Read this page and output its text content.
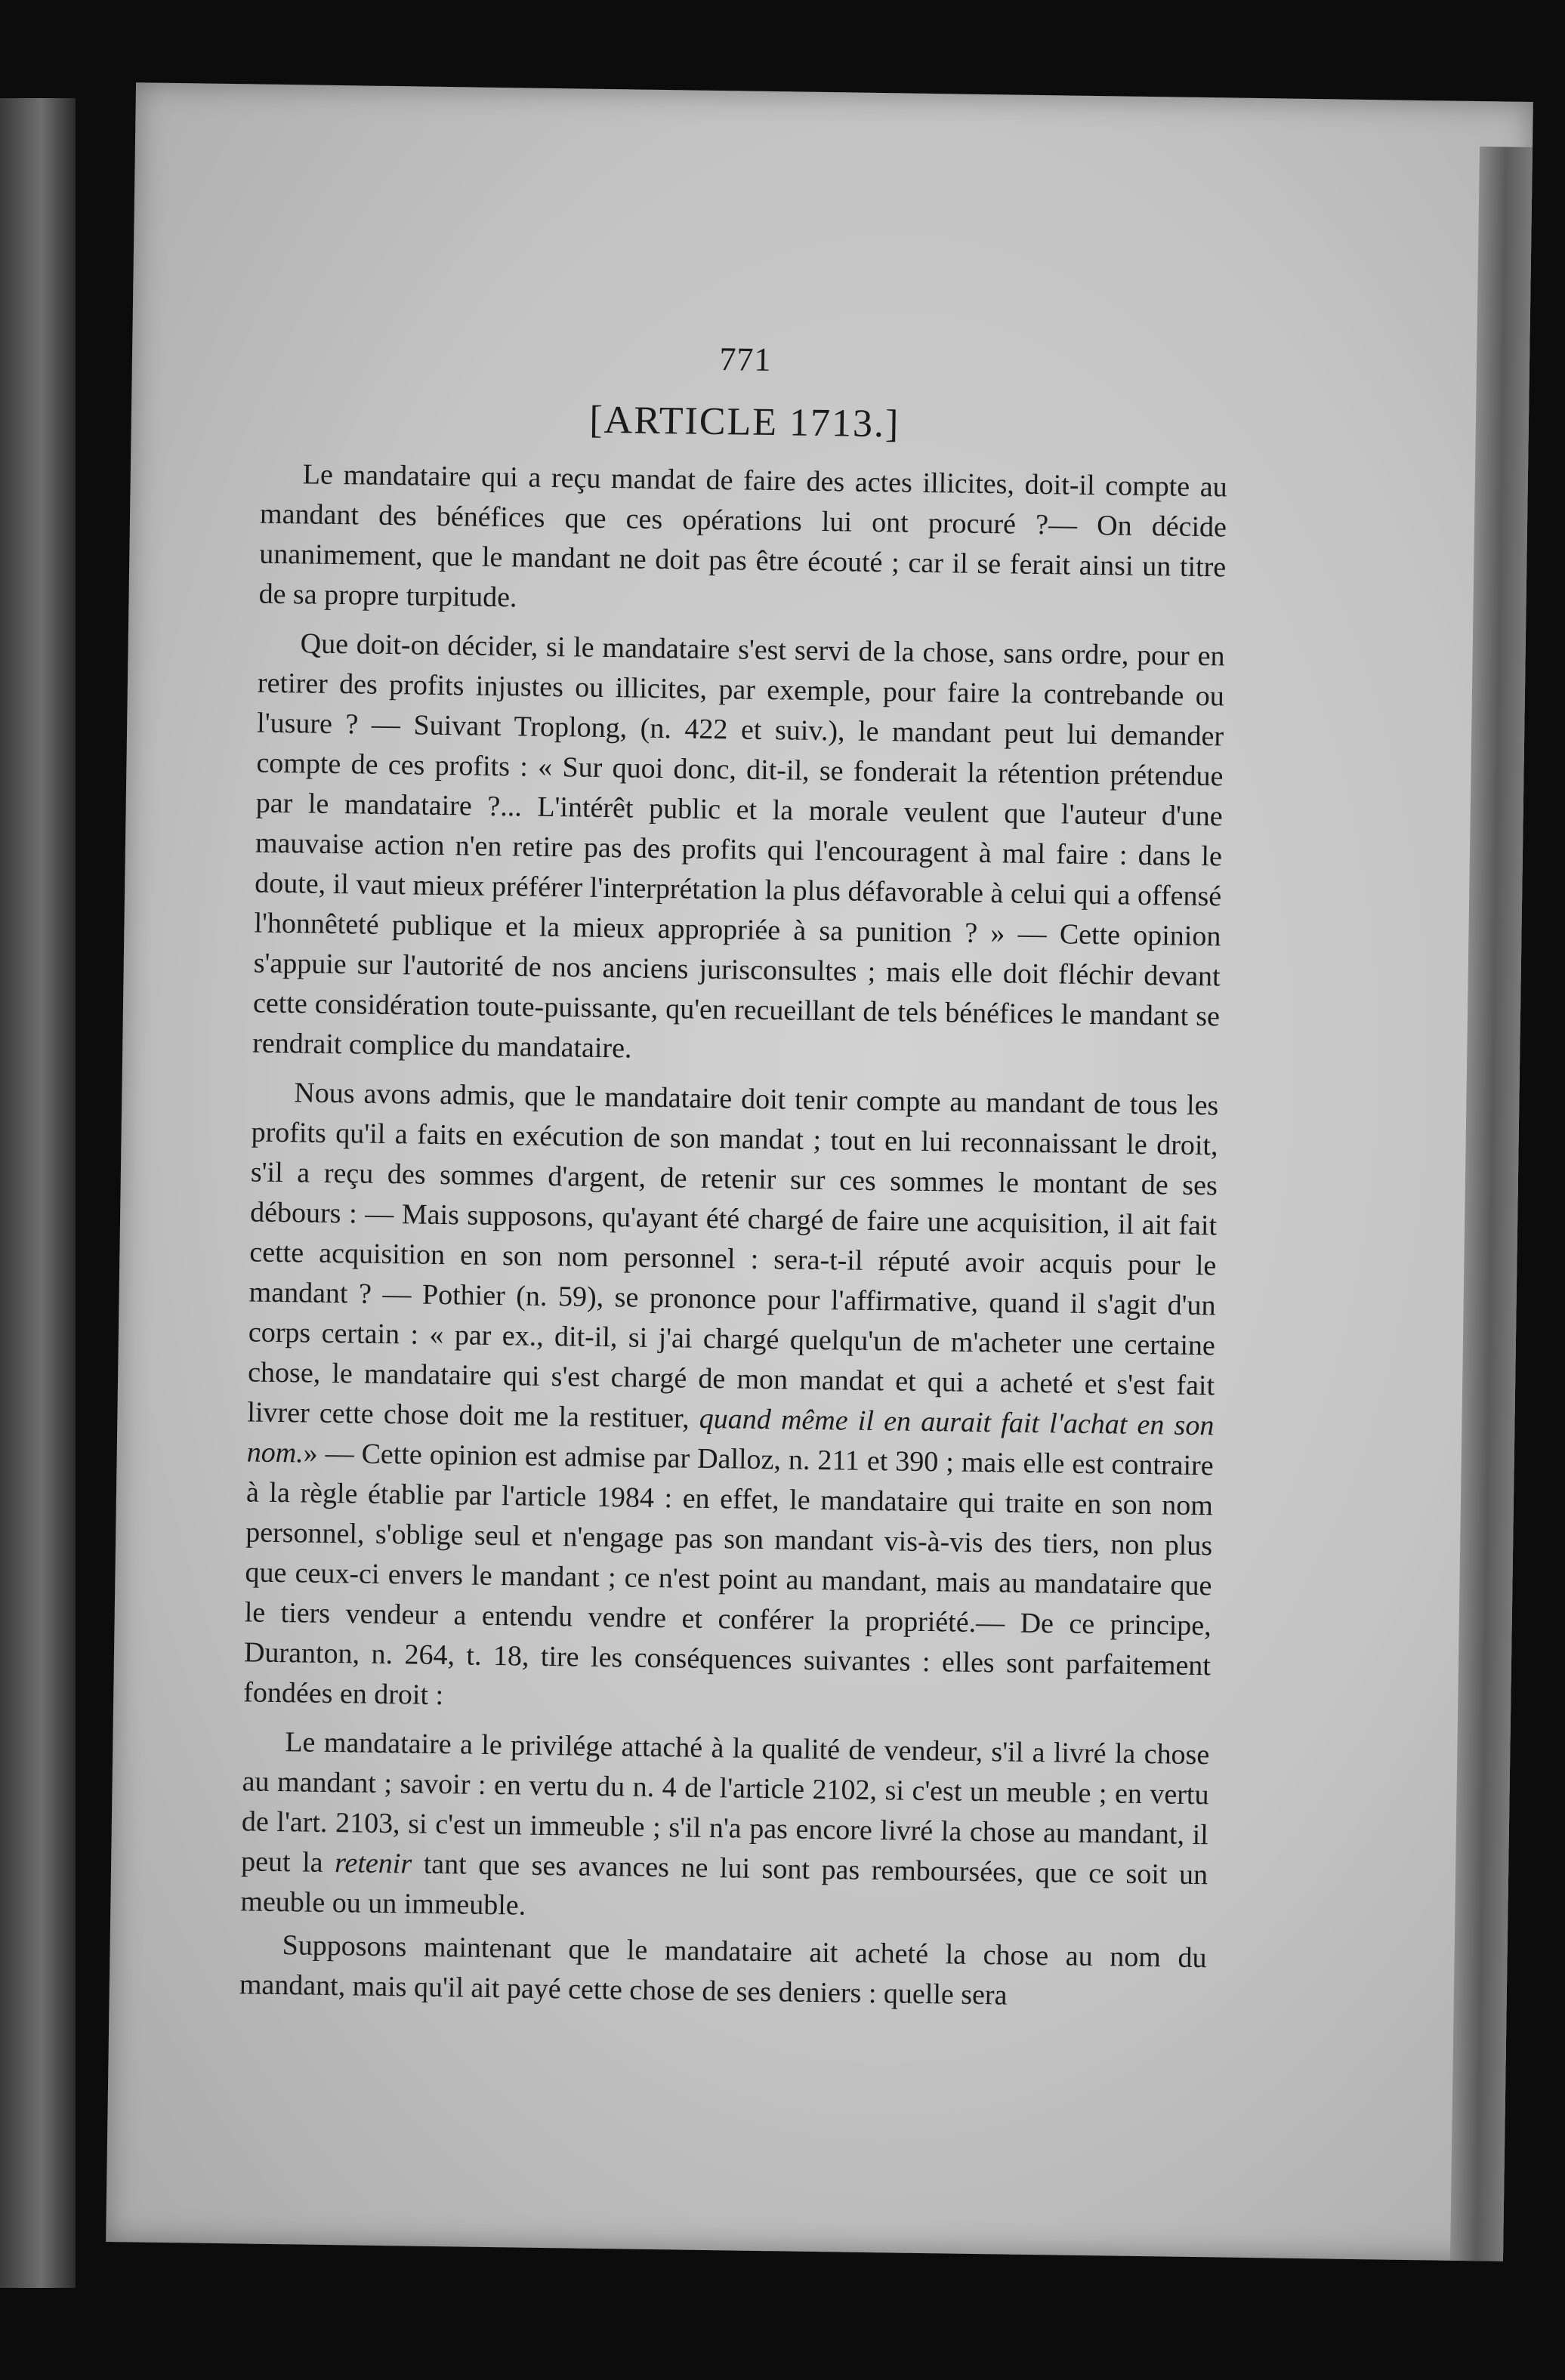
771
[ARTICLE 1713.]

Le mandataire qui a reçu mandat de faire des actes illicites, doit-il compte au mandant des bénéfices que ces opérations lui ont procuré ?— On décide unanimement, que le mandant ne doit pas être écouté ; car il se ferait ainsi un titre de sa propre turpitude.

Que doit-on décider, si le mandataire s'est servi de la chose, sans ordre, pour en retirer des profits injustes ou illicites, par exemple, pour faire la contrebande ou l'usure ? — Suivant Troplong, (n. 422 et suiv.), le mandant peut lui demander compte de ces profits : « Sur quoi donc, dit-il, se fonderait la rétention prétendue par le mandataire ?... L'intérêt public et la morale veulent que l'auteur d'une mauvaise action n'en retire pas des profits qui l'encouragent à mal faire : dans le doute, il vaut mieux préférer l'interprétation la plus défavorable à celui qui a offensé l'honnêteté publique et la mieux appropriée à sa punition ? » — Cette opinion s'appuie sur l'autorité de nos anciens jurisconsultes ; mais elle doit fléchir devant cette considération toute-puissante, qu'en recueillant de tels bénéfices le mandant se rendrait complice du mandataire.

Nous avons admis, que le mandataire doit tenir compte au mandant de tous les profits qu'il a faits en exécution de son mandat ; tout en lui reconnaissant le droit, s'il a reçu des sommes d'argent, de retenir sur ces sommes le montant de ses débours : — Mais supposons, qu'ayant été chargé de faire une acquisition, il ait fait cette acquisition en son nom personnel : sera-t-il réputé avoir acquis pour le mandant ? — Pothier (n. 59), se prononce pour l'affirmative, quand il s'agit d'un corps certain : « par ex., dit-il, si j'ai chargé quelqu'un de m'acheter une certaine chose, le mandataire qui s'est chargé de mon mandat et qui a acheté et s'est fait livrer cette chose doit me la restituer, quand même il en aurait fait l'achat en son nom.» — Cette opinion est admise par Dalloz, n. 211 et 390 ; mais elle est contraire à la règle établie par l'article 1984 : en effet, le mandataire qui traite en son nom personnel, s'oblige seul et n'engage pas son mandant vis-à-vis des tiers, non plus que ceux-ci envers le mandant ; ce n'est point au mandant, mais au mandataire que le tiers vendeur a entendu vendre et conférer la propriété.— De ce principe, Duranton, n. 264, t. 18, tire les conséquences suivantes : elles sont parfaitement fondées en droit :

Le mandataire a le privilége attaché à la qualité de vendeur, s'il a livré la chose au mandant ; savoir : en vertu du n. 4 de l'article 2102, si c'est un meuble ; en vertu de l'art. 2103, si c'est un immeuble ; s'il n'a pas encore livré la chose au mandant, il peut la retenir tant que ses avances ne lui sont pas remboursées, que ce soit un meuble ou un immeuble.

Supposons maintenant que le mandataire ait acheté la chose au nom du mandant, mais qu'il ait payé cette chose de ses deniers : quelle sera
